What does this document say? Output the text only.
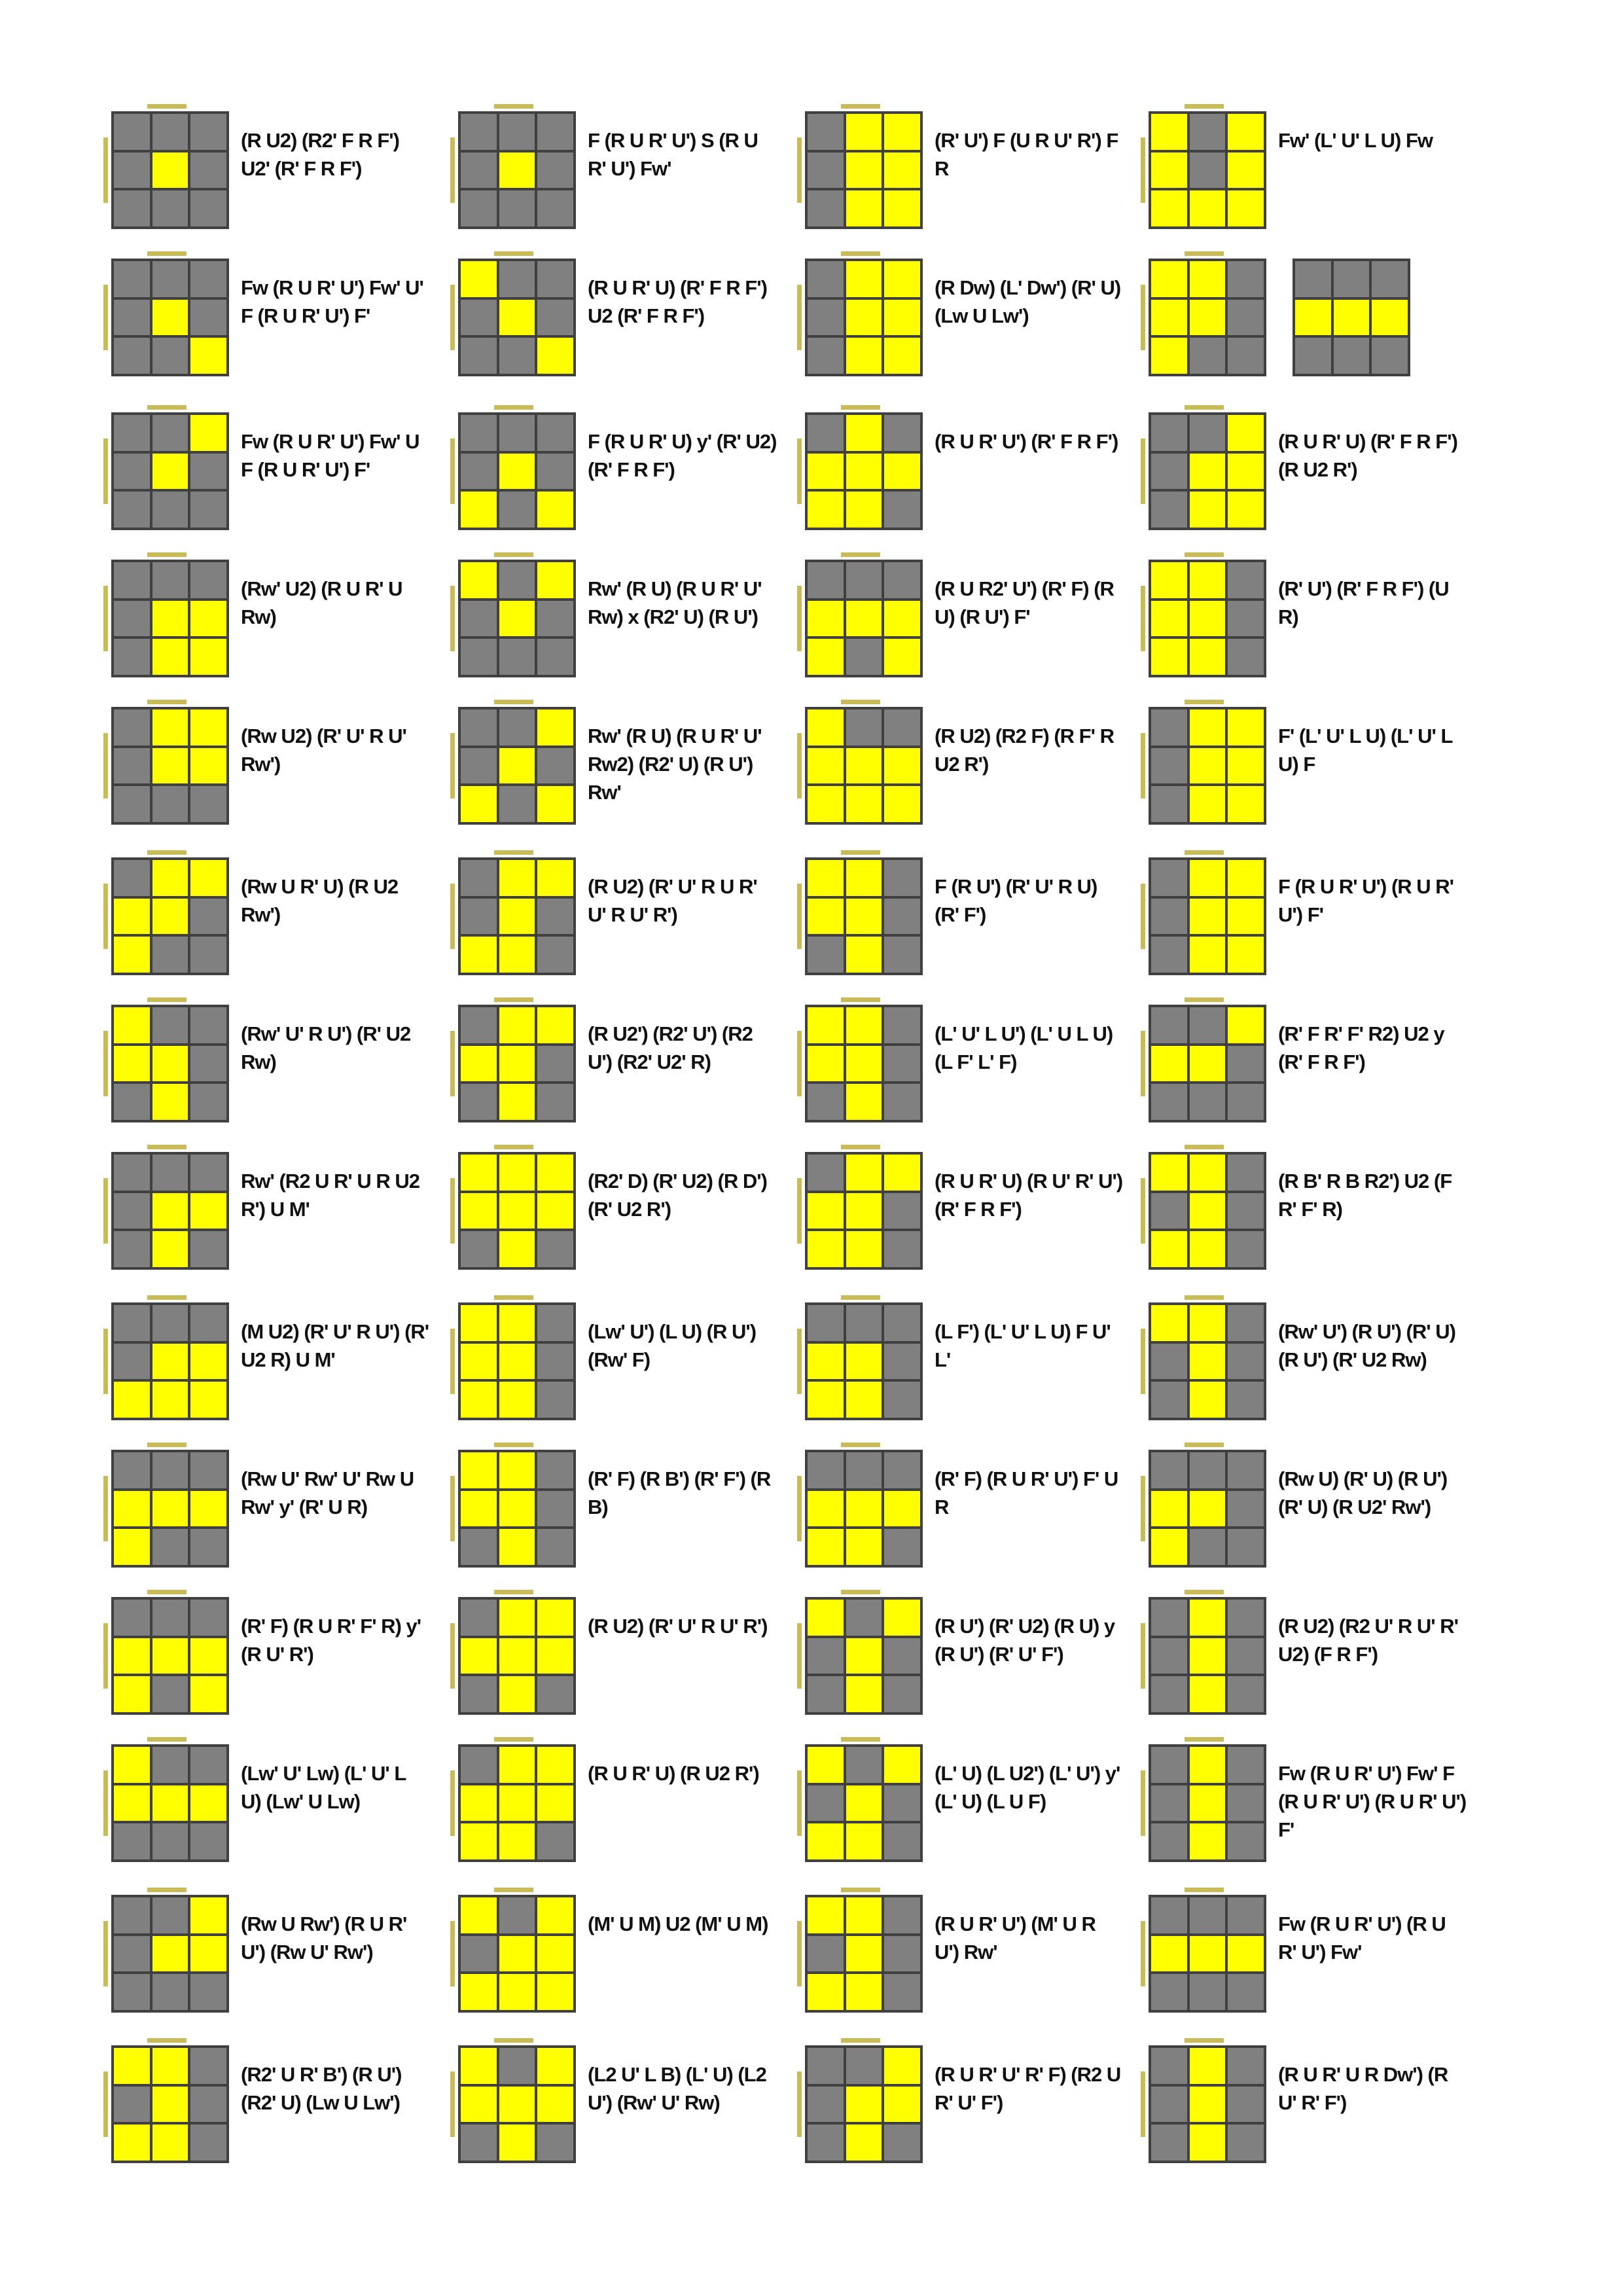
(R U2) (R2' F R F') U2' (R' F R F')
Fw (R U R' U') Fw' U' F (R U R' U') F'
Fw (R U R' U') Fw' U F (R U R' U') F'
(Rw' U2) (R U R' U Rw)
(Rw U2) (R' U' R U' Rw')
(Rw U R' U) (R U2 Rw')
(Rw' U' R U') (R' U2 Rw)
Rw' (R2 U R' U R U2 R') U M'
(M U2) (R' U' R U') (R' U2 R) U M'
(Rw U' Rw' U' Rw U Rw' y' (R' U R)
(R' F) (R U R' F' R) y' (R U' R')
(Lw' U' Lw) (L' U' L U) (Lw' U Lw)
(Rw U Rw') (R U R' U') (Rw U' Rw')
(R2' U R' B') (R U') (R2' U) (Lw U Lw')
F (R U R' U') S (R U R' U') Fw'
(R U R' U) (R' F R F') U2 (R' F R F')
F (R U R' U) y' (R' U2) (R' F R F')
Rw' (R U) (R U R' U' Rw) x (R2' U) (R U')
Rw' (R U) (R U R' U' Rw2) (R2' U) (R U') Rw'
(R U2) (R' U' R U R' U' R U' R')
(R U2') (R2' U') (R2 U') (R2' U2' R)
(R2' D) (R' U2) (R D') (R' U2 R')
(Lw' U') (L U) (R U') (Rw' F)
(R' F) (R B') (R' F') (R B)
(R U2) (R' U' R U' R')
(R U R' U) (R U2 R')
(M' U M) U2 (M' U M)
(L2 U' L B) (L' U) (L2 U') (Rw' U' Rw)
(R' U') F (U R U' R') F R
(R Dw) (L' Dw') (R' U) (Lw U Lw')
(R U R' U') (R' F R F')
(R U R2' U') (R' F) (R U) (R U') F'
(R U2) (R2 F) (R F' R U2 R')
F (R U') (R' U' R U) (R' F')
(L' U' L U') (L' U L U) (L F' L' F)
(R U R' U) (R U' R' U') (R' F R F')
(L F') (L' U' L U) F U' L'
(R' F) (R U R' U') F' U R
(R U') (R' U2) (R U) y (R U') (R' U' F')
(L' U) (L U2') (L' U') y' (L' U) (L U F)
(R U R' U') (M' U R U') Rw'
(R U R' U' R' F) (R2 U R' U' F')
Fw' (L' U' L U) Fw
(R U R' U) (R' F R F') (R U2 R')
(R' U') (R' F R F') (U R)
F' (L' U' L U) (L' U' L U) F
F (R U R' U') (R U R' U') F'
(R' F R' F' R2) U2 y (R' F R F')
(R B' R B R2') U2 (F R' F' R)
(Rw' U') (R U') (R' U) (R U') (R' U2 Rw)
(Rw U) (R' U) (R U') (R' U) (R U2' Rw')
(R U2) (R2 U' R U' R' U2) (F R F')
Fw (R U R' U') Fw' F (R U R' U') (R U R' U') F'
Fw (R U R' U') (R U R' U') Fw'
(R U R' U R Dw') (R U' R' F')
